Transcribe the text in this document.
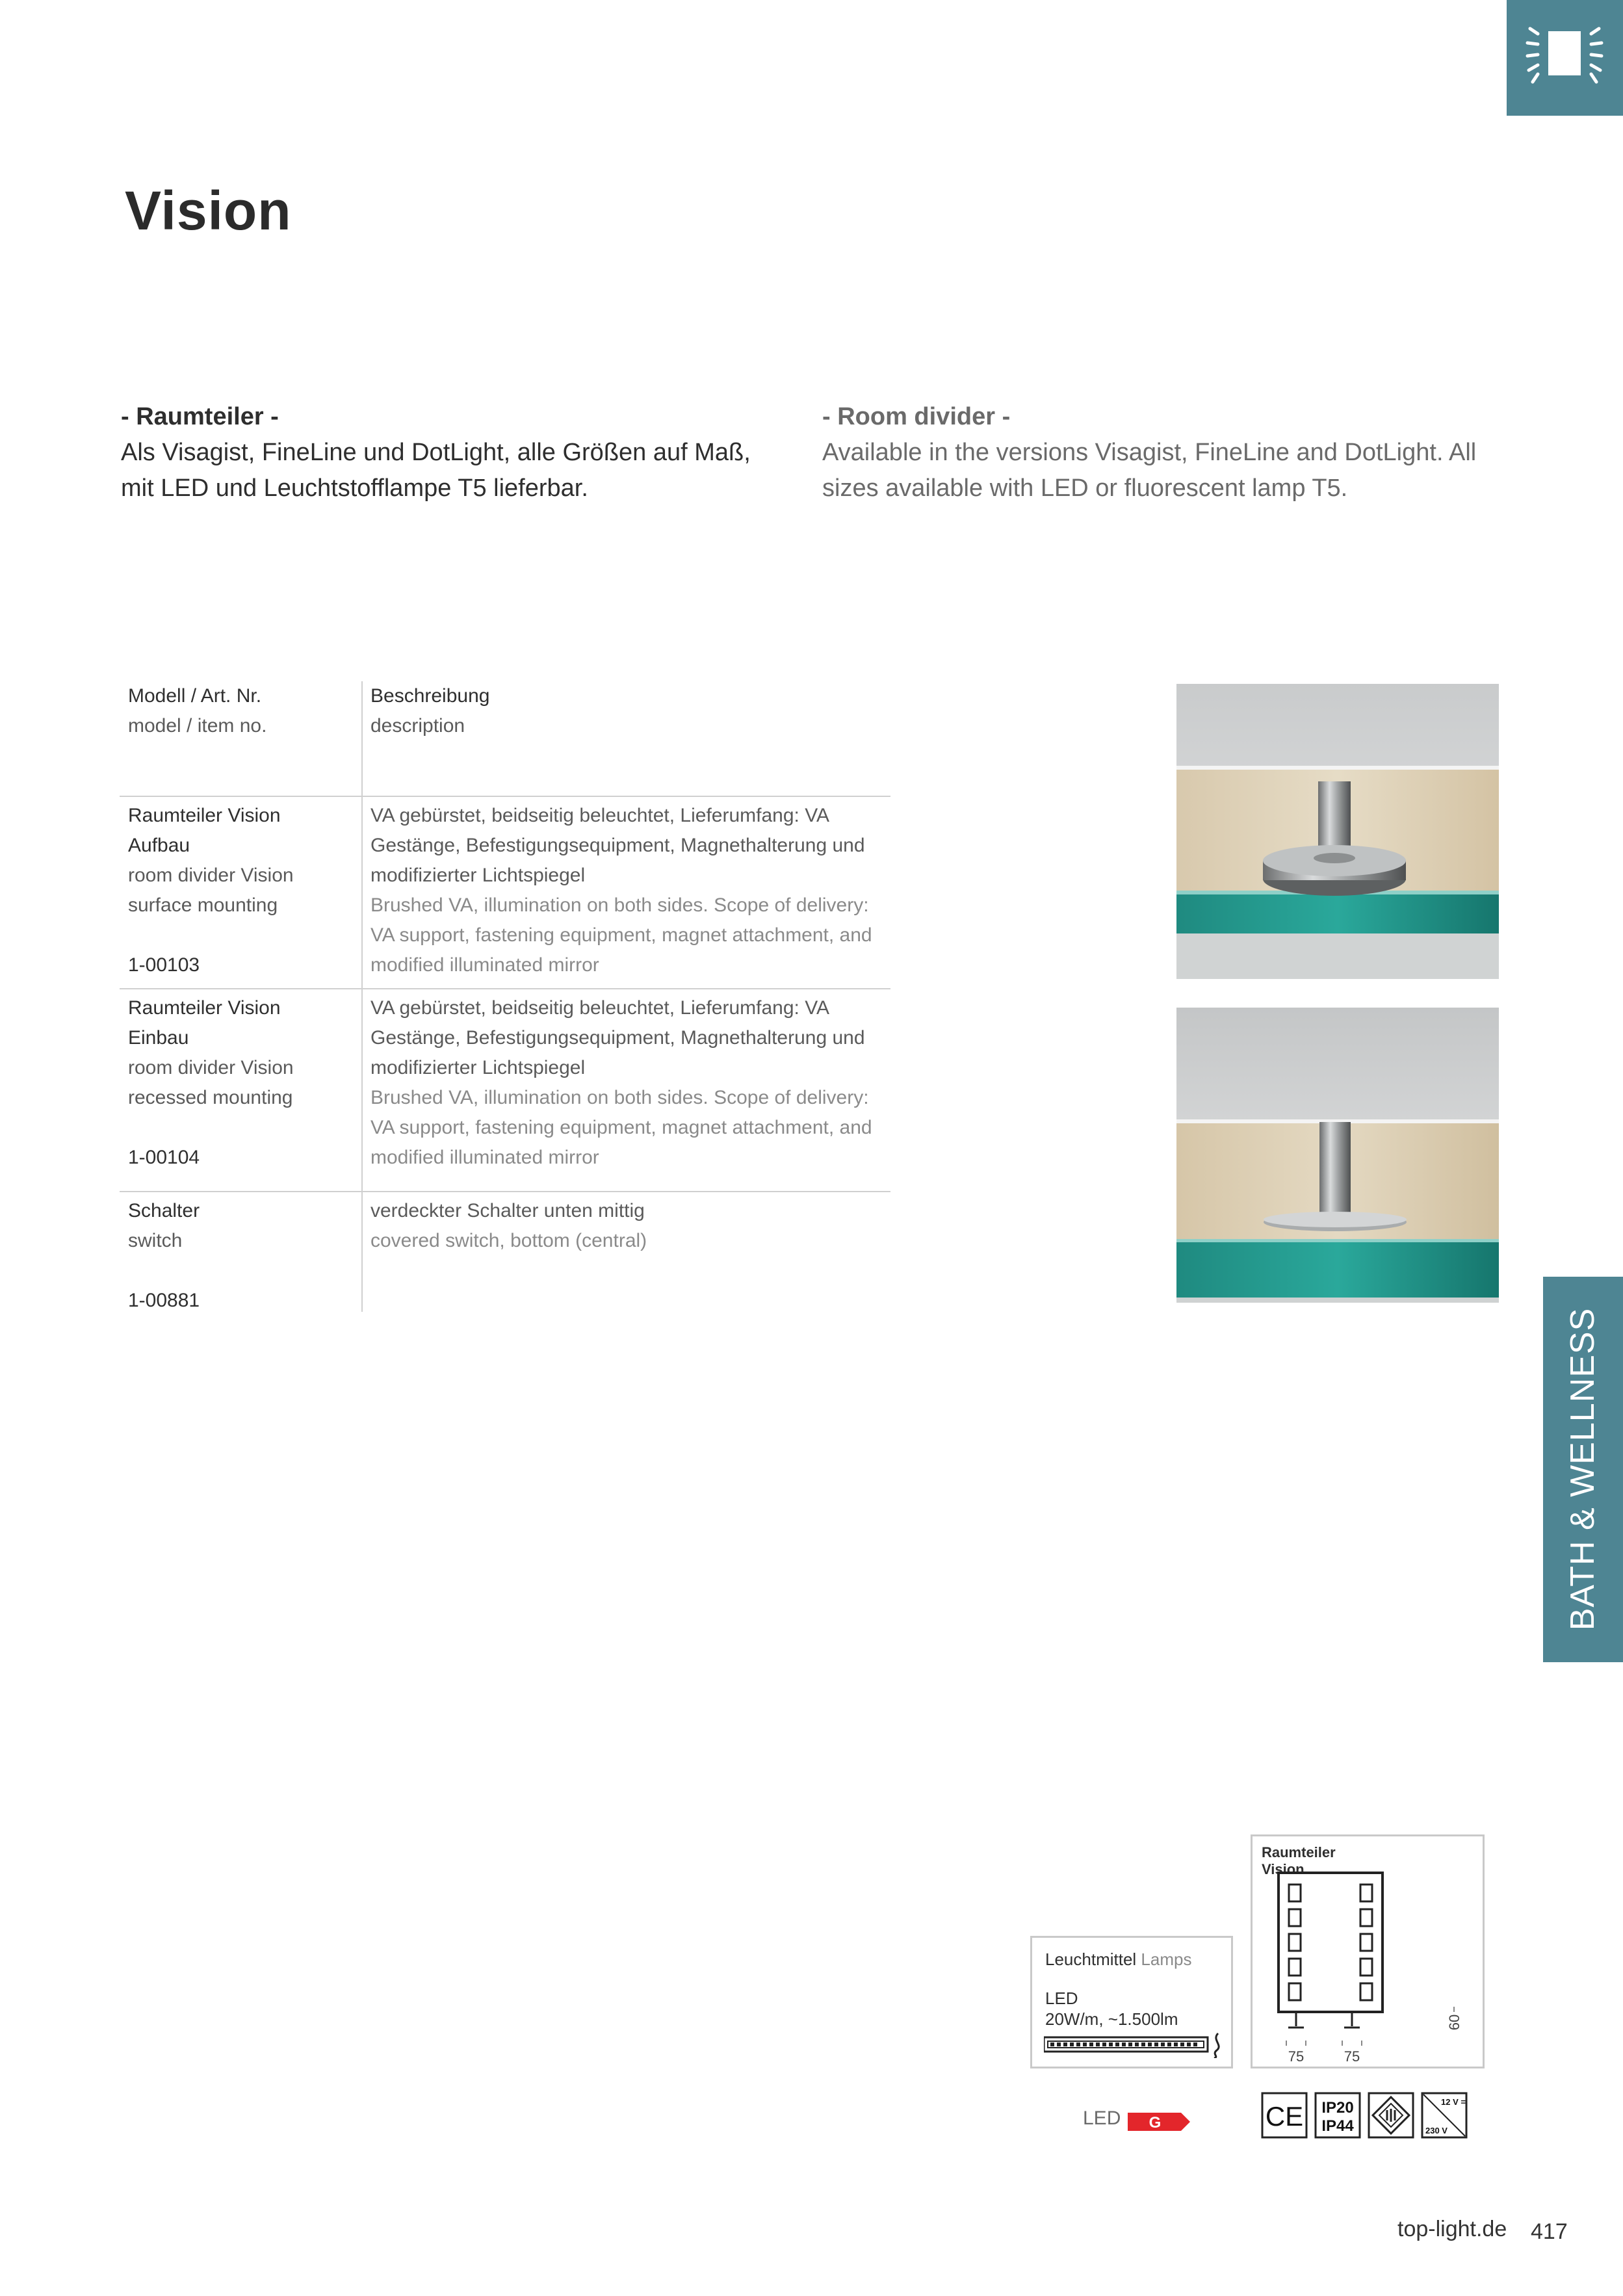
Vision
- Raumteiler -
Als Visagist, FineLine und DotLight, alle Größen auf Maß,
mit LED und Leuchtstofflampe T5 lieferbar.
- Room divider -
Available in the versions Visagist, FineLine and DotLight. All
sizes available with LED or fluorescent lamp T5.
Modell / Art. Nr.
model / item no.
Beschreibung
description
Raumteiler Vision
Aufbau
room divider Vision
surface mounting
1-00103
VA gebürstet, beidseitig beleuchtet, Lieferumfang: VA
Gestänge, Befestigungsequipment, Magnethalterung und
modifizierter Lichtspiegel
Brushed VA, illumination on both sides. Scope of delivery:
VA support, fastening equipment, magnet attachment, and
modified illuminated mirror
Raumteiler Vision
Einbau
room divider Vision
recessed mounting
1-00104
VA gebürstet, beidseitig beleuchtet, Lieferumfang: VA
Gestänge, Befestigungsequipment, Magnethalterung und
modifizierter Lichtspiegel
Brushed VA, illumination on both sides. Scope of delivery:
VA support, fastening equipment, magnet attachment, and
modified illuminated mirror
Schalter
switch
1-00881
verdeckter Schalter unten mittig
covered switch, bottom (central)
BATH & WELLNESS
Leuchtmittel Lamps
LED
20W/m, ~1.500lm
Raumteiler
Vision
75	75
60
LED G	CE IP20
IP44
12 V =
230 V
top-light.de 417
